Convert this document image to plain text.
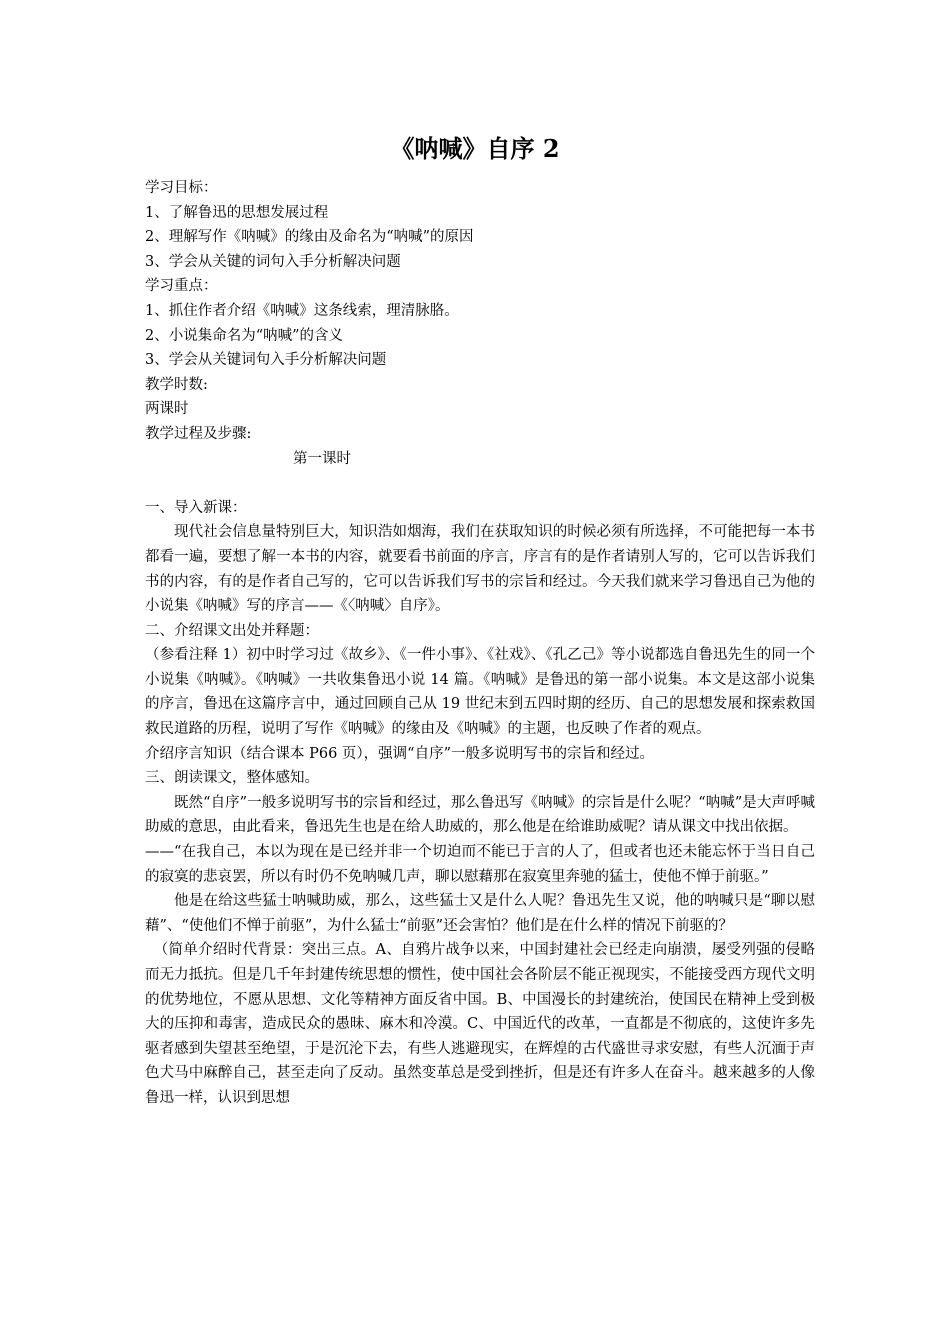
《呐喊》自序 2

学习目标：

1、了解鲁迅的思想发展过程

2、理解写作《呐喊》的缘由及命名为“呐喊”的原因

3、学会从关键的词句入手分析解决问题

学习重点：

1、抓住作者介绍《呐喊》这条线索，理清脉胳。

2、小说集命名为“呐喊”的含义

3、学会从关键词句入手分析解决问题

教学时数:

两课时

教学过程及步骤:

第一课时

一、导入新课：

现代社会信息量特别巨大，知识浩如烟海，我们在获取知识的时候必须有所选择，不可能把每一本书都看一遍，要想了解一本书的内容，就要看书前面的序言，序言有的是作者请别人写的，它可以告诉我们书的内容，有的是作者自己写的，它可以告诉我们写书的宗旨和经过。今天我们就来学习鲁迅自己为他的小说集《呐喊》写的序言——《〈呐喊〉自序》。

二、介绍课文出处并释题：

（参看注释 1）初中时学习过《故乡》、《一件小事》、《社戏》、《孔乙己》等小说都选自鲁迅先生的同一个小说集《呐喊》。《呐喊》一共收集鲁迅小说 14 篇。《呐喊》是鲁迅的第一部小说集。本文是这部小说集的序言，鲁迅在这篇序言中，通过回顾自己从 19 世纪末到五四时期的经历、自己的思想发展和探索救国救民道路的历程，说明了写作《呐喊》的缘由及《呐喊》的主题，也反映了作者的观点。

介绍序言知识（结合课本 P66 页），强调“自序”一般多说明写书的宗旨和经过。

三、朗读课文，整体感知。

既然“自序”一般多说明写书的宗旨和经过，那么鲁迅写《呐喊》的宗旨是什么呢？“呐喊”是大声呼喊助威的意思，由此看来，鲁迅先生也是在给人助威的，那么他是在给谁助威呢？请从课文中找出依据。

——“在我自己，本以为现在是已经并非一个切迫而不能已于言的人了，但或者也还未能忘怀于当日自己的寂寞的悲哀罢，所以有时仍不免呐喊几声，聊以慰藉那在寂寞里奔驰的猛士，使他不惮于前驱。”

他是在给这些猛士呐喊助威，那么，这些猛士又是什么人呢？鲁迅先生又说，他的呐喊只是“聊以慰藉”、“使他们不惮于前驱”，为什么猛士“前驱”还会害怕？他们是在什么样的情况下前驱的？

（简单介绍时代背景：突出三点。A、自鸦片战争以来，中国封建社会已经走向崩溃，屡受列强的侵略而无力抵抗。但是几千年封建传统思想的惯性，使中国社会各阶层不能正视现实，不能接受西方现代文明的优势地位，不愿从思想、文化等精神方面反省中国。B、中国漫长的封建统治，使国民在精神上受到极大的压抑和毒害，造成民众的愚昧、麻木和冷漠。C、中国近代的改革，一直都是不彻底的，这使许多先驱者感到失望甚至绝望，于是沉沦下去，有些人逃避现实，在辉煌的古代盛世寻求安慰，有些人沉湎于声色犬马中麻醉自己，甚至走向了反动。虽然变革总是受到挫折，但是还有许多人在奋斗。越来越多的人像鲁迅一样，认识到思想
